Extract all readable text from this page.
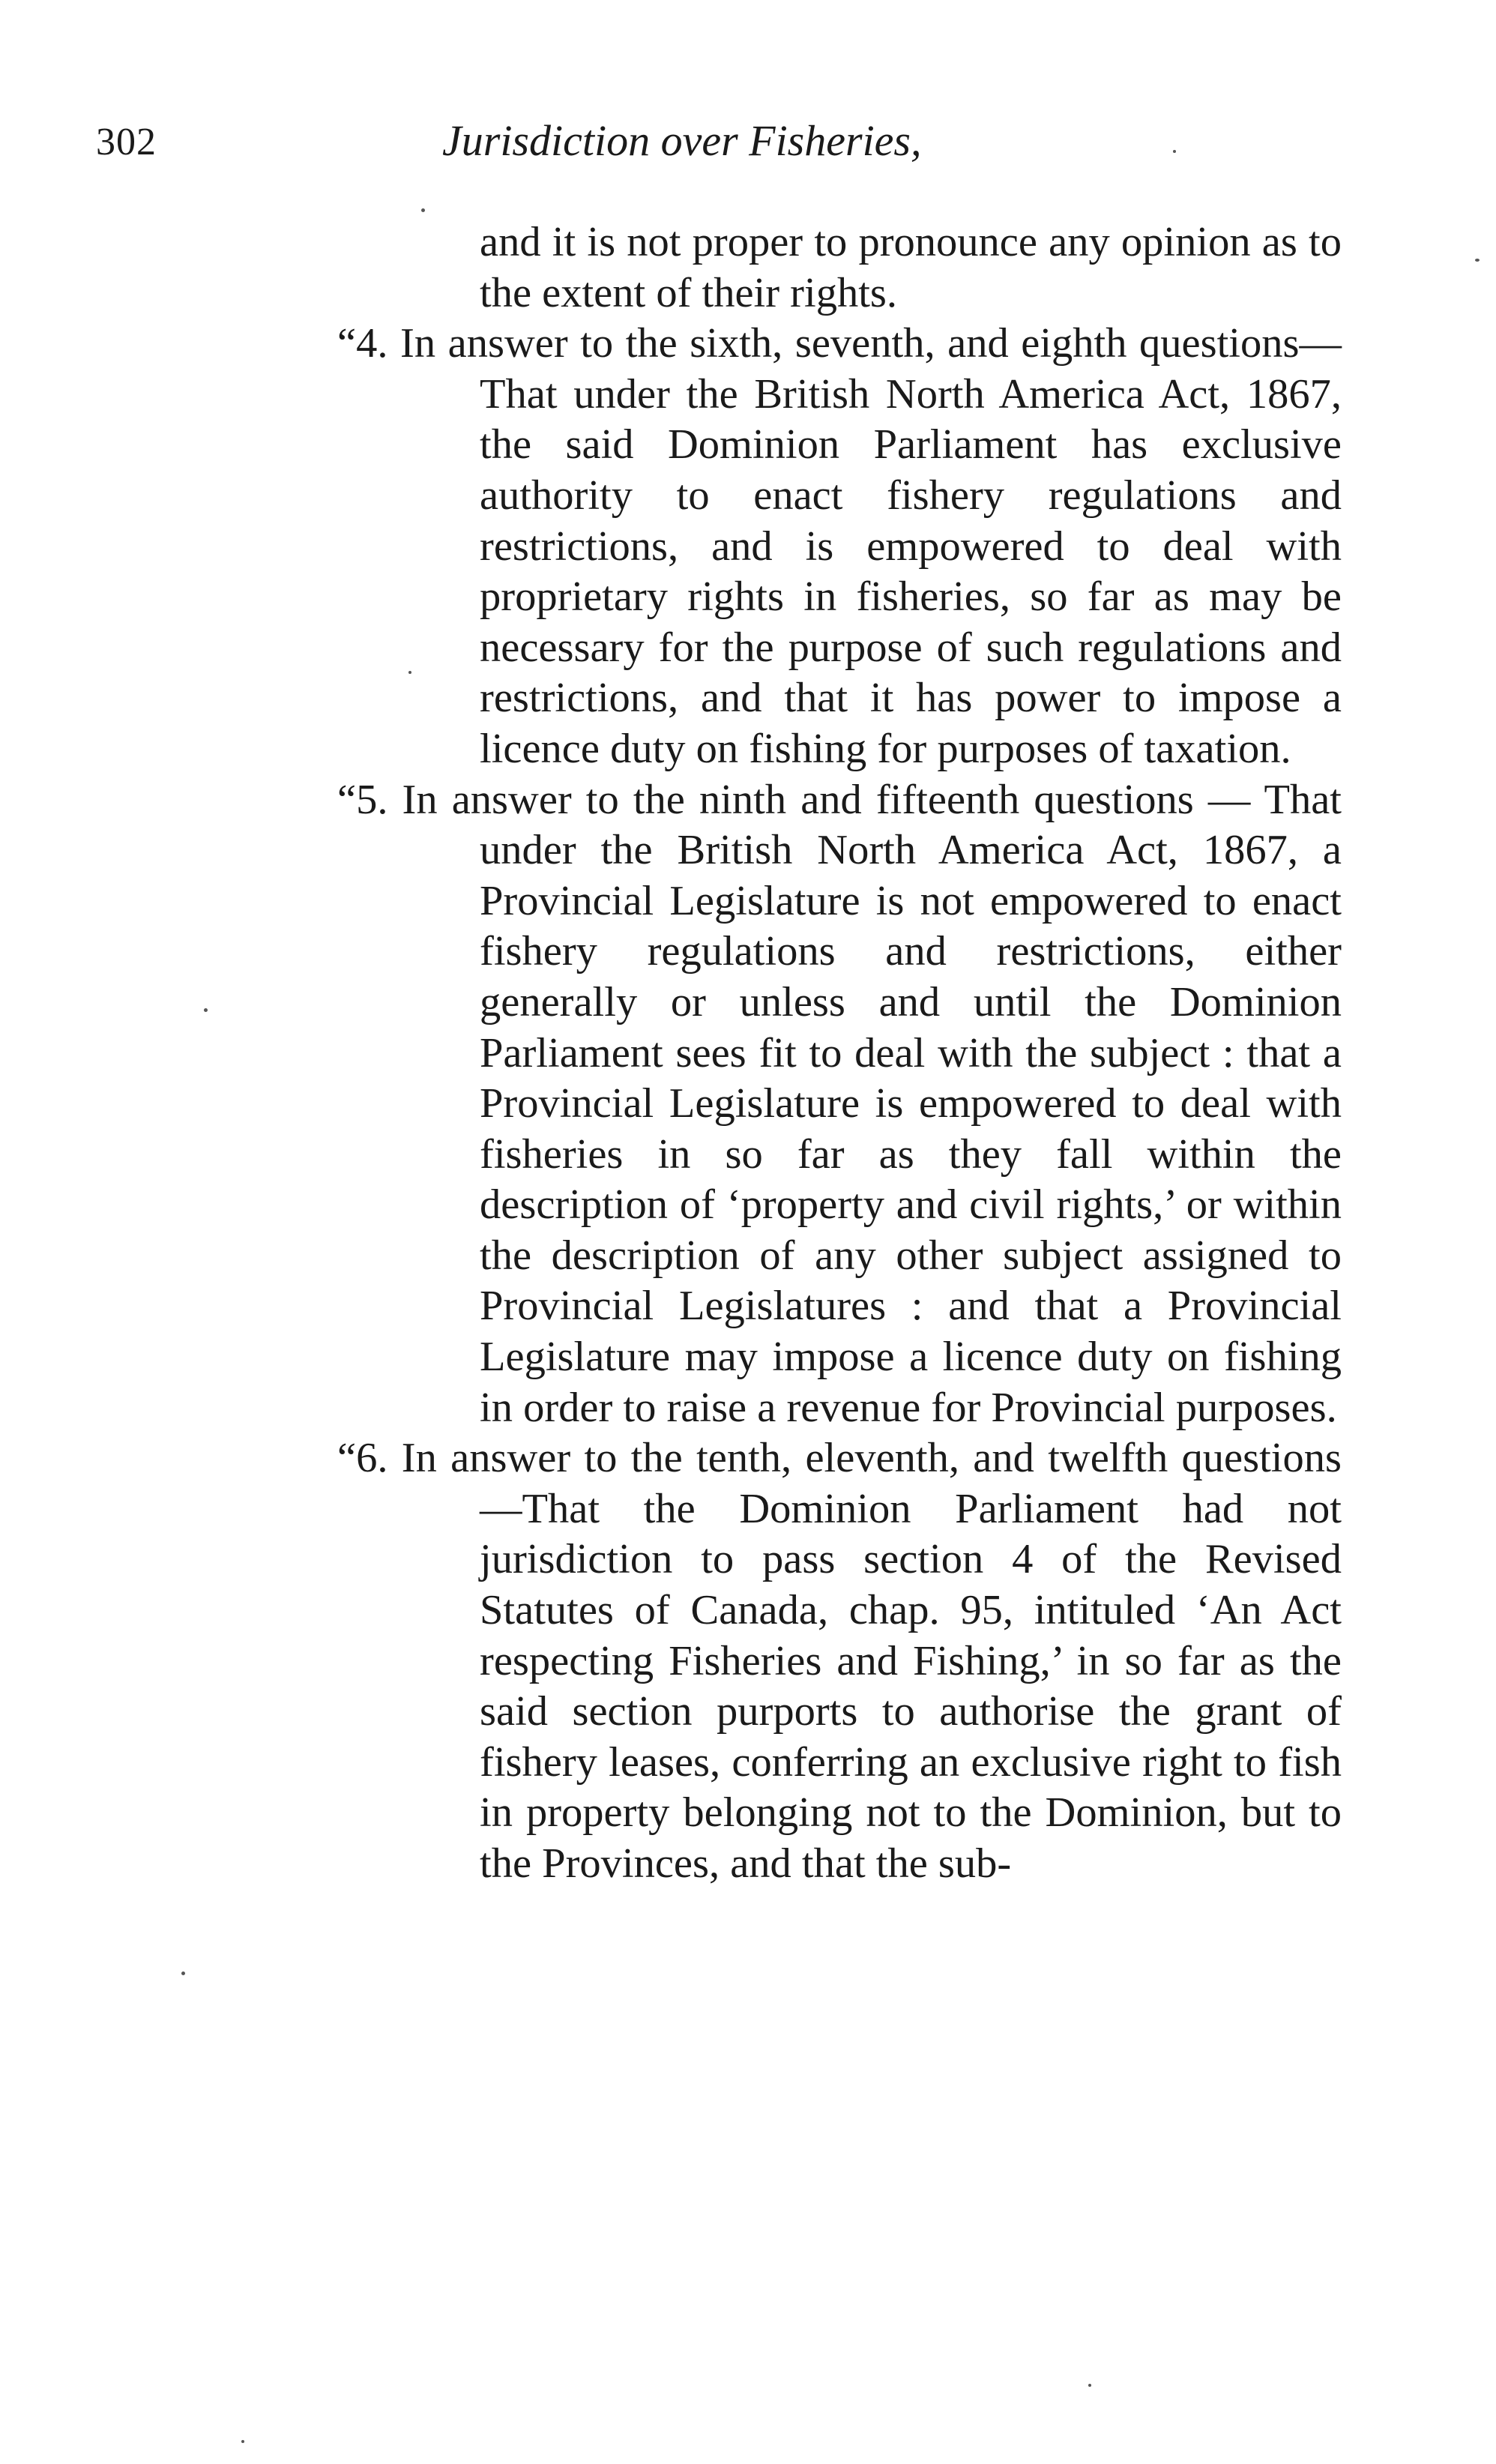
302	Jurisdiction over Fisheries,

and it is not proper to pronounce any opinion as to the extent of their rights.

“4. In answer to the sixth, seventh, and eighth questions—That under the British North America Act, 1867, the said Dominion Parliament has exclusive authority to enact fishery regulations and restrictions, and is empowered to deal with proprietary rights in fisheries, so far as may be necessary for the purpose of such regulations and restrictions, and that it has power to impose a licence duty on fishing for purposes of taxation.

“5. In answer to the ninth and fifteenth questions — That under the British North America Act, 1867, a Provincial Legislature is not empowered to enact fishery regulations and restrictions, either generally or unless and until the Dominion Parliament sees fit to deal with the subject : that a Provincial Legislature is empowered to deal with fisheries in so far as they fall within the description of ‘property and civil rights,’ or within the description of any other subject assigned to Provincial Legislatures : and that a Provincial Legislature may impose a licence duty on fishing in order to raise a revenue for Provincial purposes.

“6. In answer to the tenth, eleventh, and twelfth questions—That the Dominion Parliament had not jurisdiction to pass section 4 of the Revised Statutes of Canada, chap. 95, intituled ‘An Act respecting Fisheries and Fishing,’ in so far as the said section purports to authorise the grant of fishery leases, conferring an exclusive right to fish in property belonging not to the Dominion, but to the Provinces, and that the sub-
